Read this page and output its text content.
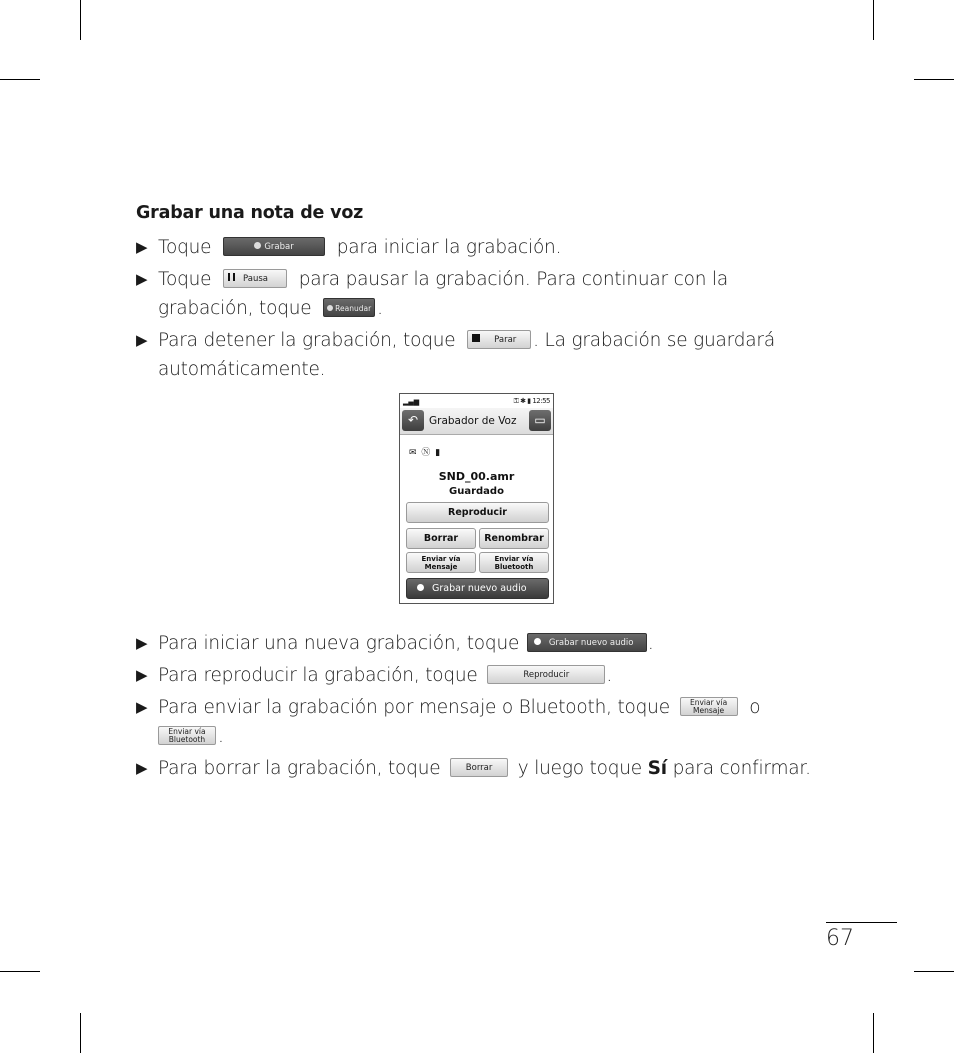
Grabar una nota de voz
▶ Toque	Grabar para iniciar la grabación.
▶ Toque	Pausa para pausar la grabación. Para continuar con la
grabación, toque	Reanudar .
▶ Para detener la grabación, toque	Parar . La grabación se guardará
automáticamente.
▂▄▆	⚿ ✱ ▮ 12:55
↶	Grabador de Voz	▭
✉ Ⓝ ▮
SND_00.amr
Guardado
Reproducir
Borrar	Renombrar
Enviar vía
Mensaje
Enviar vía
Bluetooth
Grabar nuevo audio
▶ Para iniciar una nueva grabación, toque	Grabar nuevo audio .
▶ Para reproducir la grabación, toque	Reproducir .
▶ Para enviar la grabación por mensaje o Bluetooth, toque	Enviar vía
Mensaje o
Enviar vía
Bluetooth .
▶ Para borrar la grabación, toque	Borrar y luego toque Sí para confirmar.
67
